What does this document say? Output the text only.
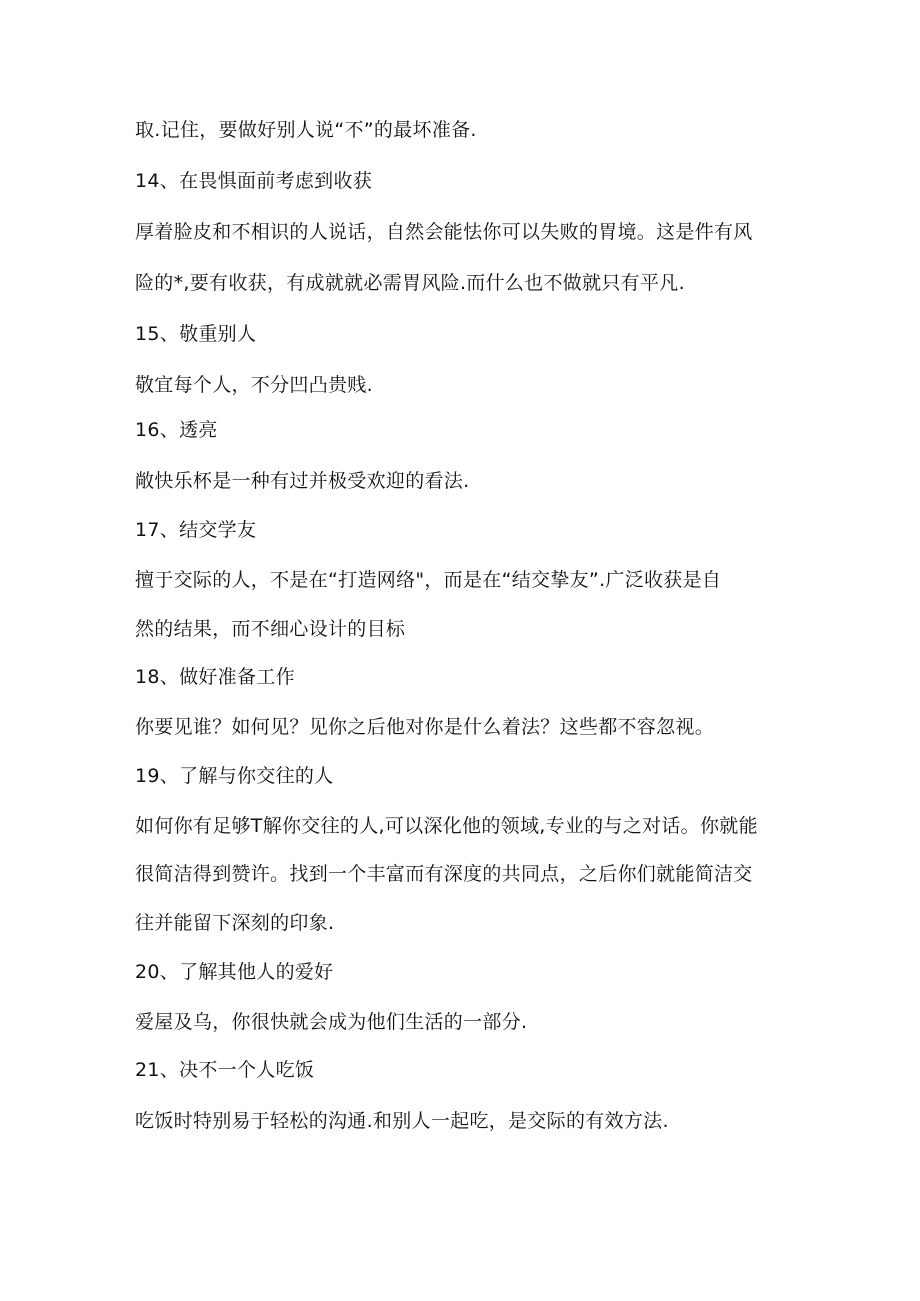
取.记住，要做好别人说“不”的最坏准备.
14、在畏惧面前考虑到收获
厚着脸皮和不相识的人说话，自然会能怯你可以失败的胃境。这是件有风
险的*,要有收获，有成就就必需胃风险.而什么也不做就只有平凡.
15、敬重别人
敬宜每个人，不分凹凸贵贱.
16、透亮
敞快乐杯是一种有过并极受欢迎的看法.
17、结交学友
擅于交际的人，不是在“打造网络"，而是在“结交挚友”.广泛收获是自
然的结果，而不细心设计的目标
18、做好准备工作
你要见谁？如何见？见你之后他对你是什么着法？这些都不容忽视。
19、了解与你交往的人
如何你有足够T解你交往的人,可以深化他的领域,专业的与之对话。你就能
很简洁得到赞许。找到一个丰富而有深度的共同点，之后你们就能简洁交
往并能留下深刻的印象.
20、了解其他人的爱好
爱屋及乌，你很快就会成为他们生活的一部分.
21、决不一个人吃饭
吃饭时特别易于轻松的沟通.和别人一起吃，是交际的有效方法.
